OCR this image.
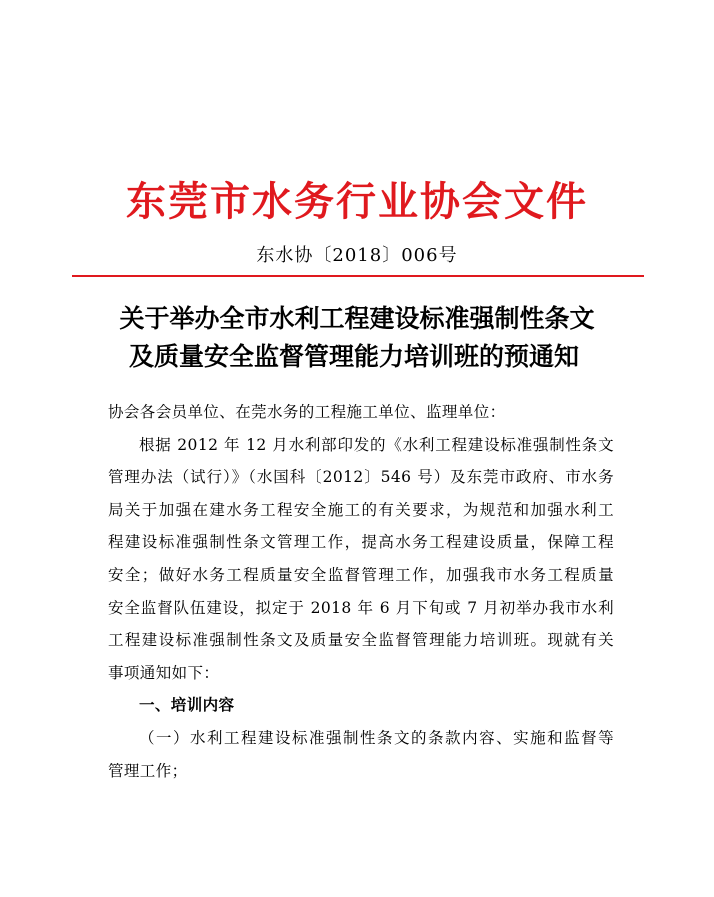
东莞市水务行业协会文件
东水协〔2018〕006号
关于举办全市水利工程建设标准强制性条文
及质量安全监督管理能力培训班的预通知
协会各会员单位、在莞水务的工程施工单位、监理单位：
根据 2012 年 12 月水利部印发的《水利工程建设标准强制性条文
管理办法（试行）》（水国科〔2012〕546 号）及东莞市政府、市水务
局关于加强在建水务工程安全施工的有关要求，为规范和加强水利工
程建设标准强制性条文管理工作，提高水务工程建设质量，保障工程
安全；做好水务工程质量安全监督管理工作，加强我市水务工程质量
安全监督队伍建设，拟定于 2018 年 6 月下旬或 7 月初举办我市水利
工程建设标准强制性条文及质量安全监督管理能力培训班。现就有关
事项通知如下：
一、培训内容
（一）水利工程建设标准强制性条文的条款内容、实施和监督等
管理工作；
